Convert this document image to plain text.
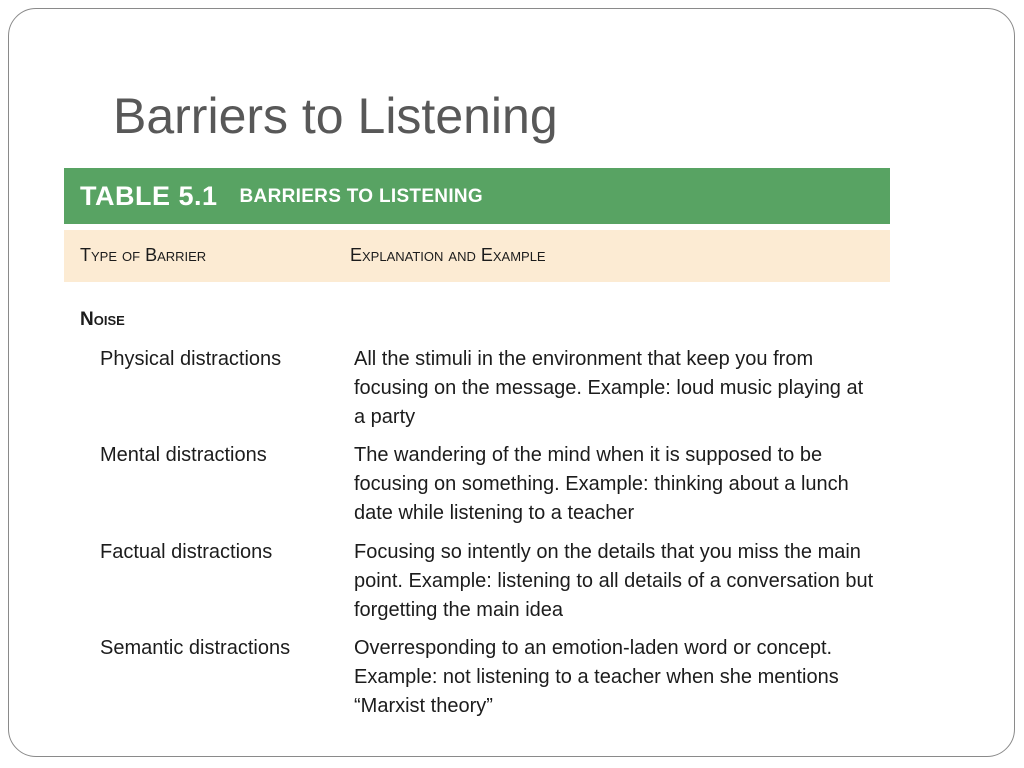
Barriers to Listening
TABLE 5.1 BARRIERS TO LISTENING
Type of Barrier	Explanation and Example
Noise
Physical distractions	All the stimuli in the environment that keep you from focusing on the message. Example: loud music playing at a party
Mental distractions	The wandering of the mind when it is supposed to be focusing on something. Example: thinking about a lunch date while listening to a teacher
Factual distractions	Focusing so intently on the details that you miss the main point. Example: listening to all details of a conversation but forgetting the main idea
Semantic distractions	Overresponding to an emotion-laden word or concept. Example: not listening to a teacher when she mentions “Marxist theory”
